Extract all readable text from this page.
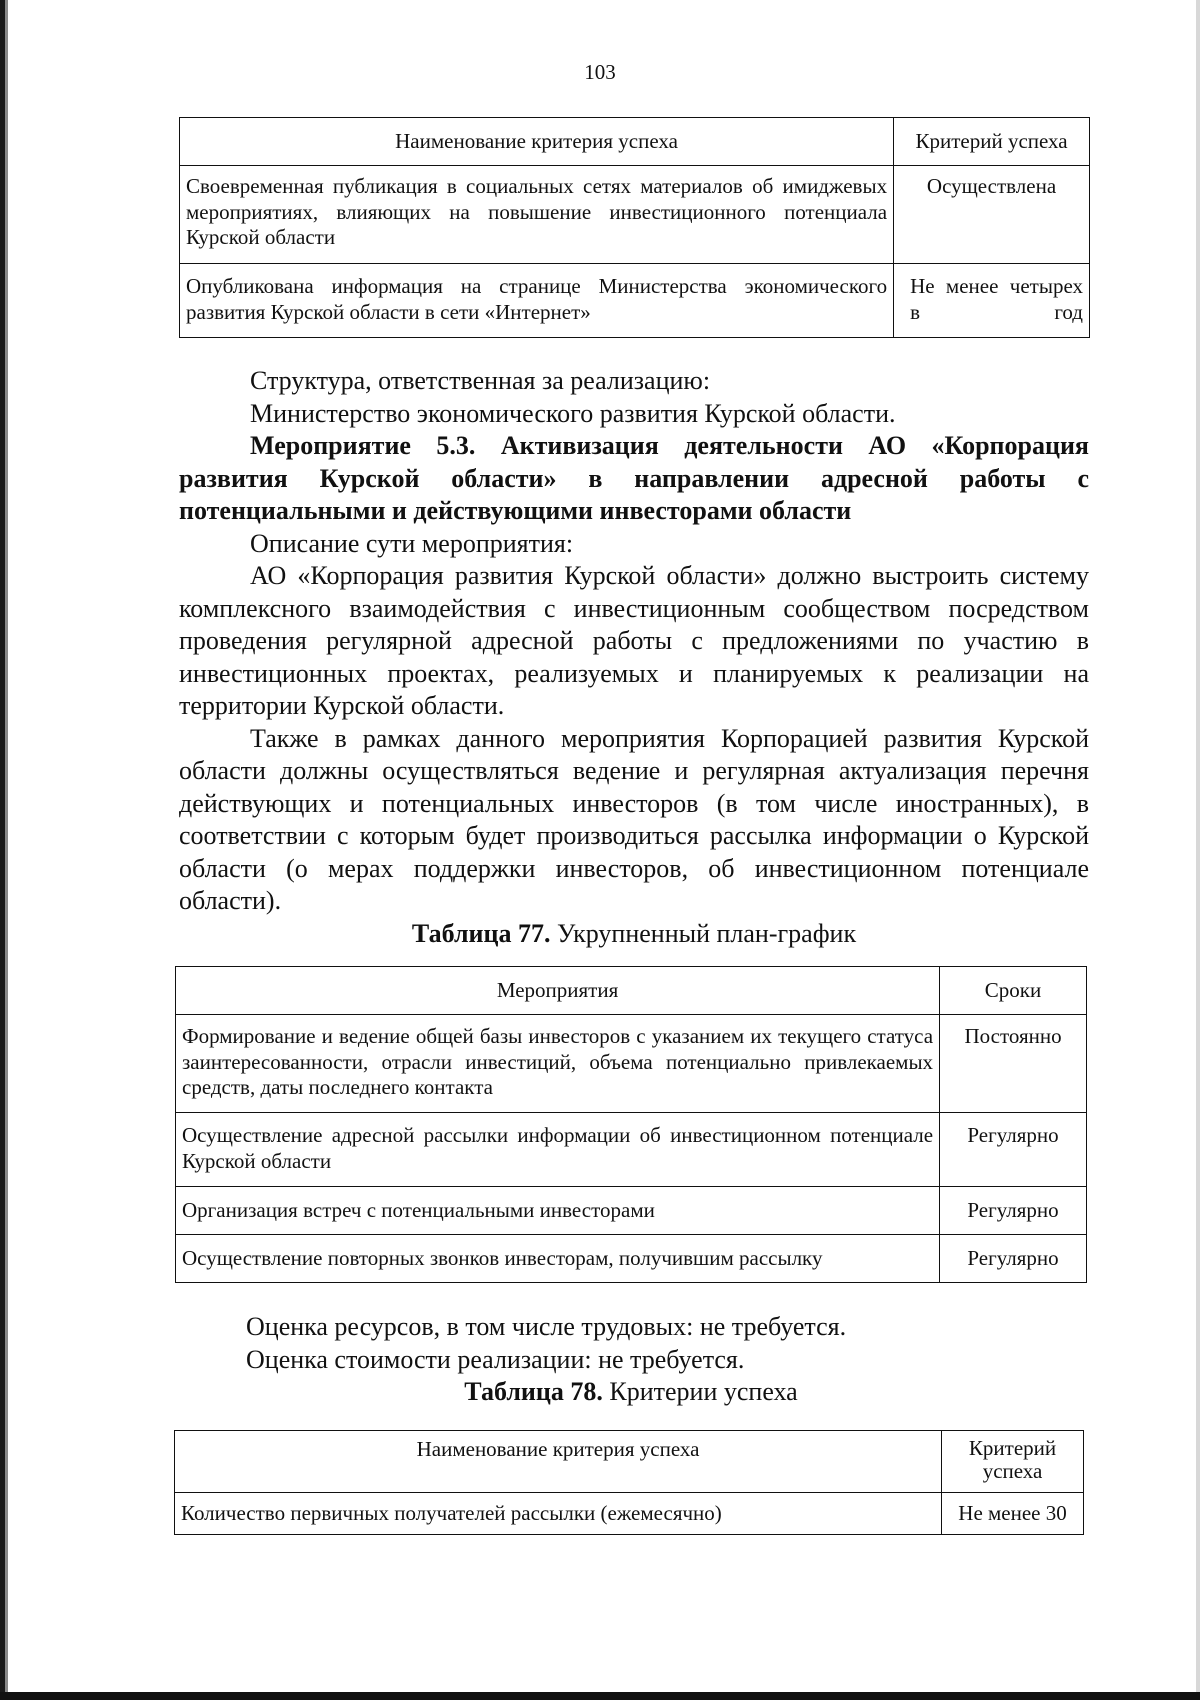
103
Наименование критерия успеха	Критерий успеха
Своевременная публикация в социальных сетях материалов об имиджевых мероприятиях, влияющих на повышение инвестиционного потенциала Курской области	Осуществлена
Опубликована информация на странице Министерства экономического развития Курской области в сети «Интернет»	Не менее четырех в год

Структура, ответственная за реализацию:

Министерство экономического развития Курской области.

Мероприятие 5.3. Активизация деятельности АО «Корпорация развития Курской области» в направлении адресной работы с потенциальными и действующими инвесторами области

Описание сути мероприятия:

АО «Корпорация развития Курской области» должно выстроить систему комплексного взаимодействия с инвестиционным сообществом посредством проведения регулярной адресной работы с предложениями по участию в инвестиционных проектах, реализуемых и планируемых к реализации на территории Курской области.

Также в рамках данного мероприятия Корпорацией развития Курской области должны осуществляться ведение и регулярная актуализация перечня действующих и потенциальных инвесторов (в том числе иностранных), в соответствии с которым будет производиться рассылка информации о Курской области (о мерах поддержки инвесторов, об инвестиционном потенциале области).

Таблица 77. Укрупненный план-график

Мероприятия	Сроки
Формирование и ведение общей базы инвесторов с указанием их текущего статуса заинтересованности, отрасли инвестиций, объема потенциально привлекаемых средств, даты последнего контакта	Постоянно
Осуществление адресной рассылки информации об инвестиционном потенциале Курской области	Регулярно
Организация встреч с потенциальными инвесторами	Регулярно
Осуществление повторных звонков инвесторам, получившим рассылку	Регулярно

Оценка ресурсов, в том числе трудовых: не требуется.

Оценка стоимости реализации: не требуется.

Таблица 78. Критерии успеха

Наименование критерия успеха	Критерий успеха
Количество первичных получателей рассылки (ежемесячно)	Не менее 30
